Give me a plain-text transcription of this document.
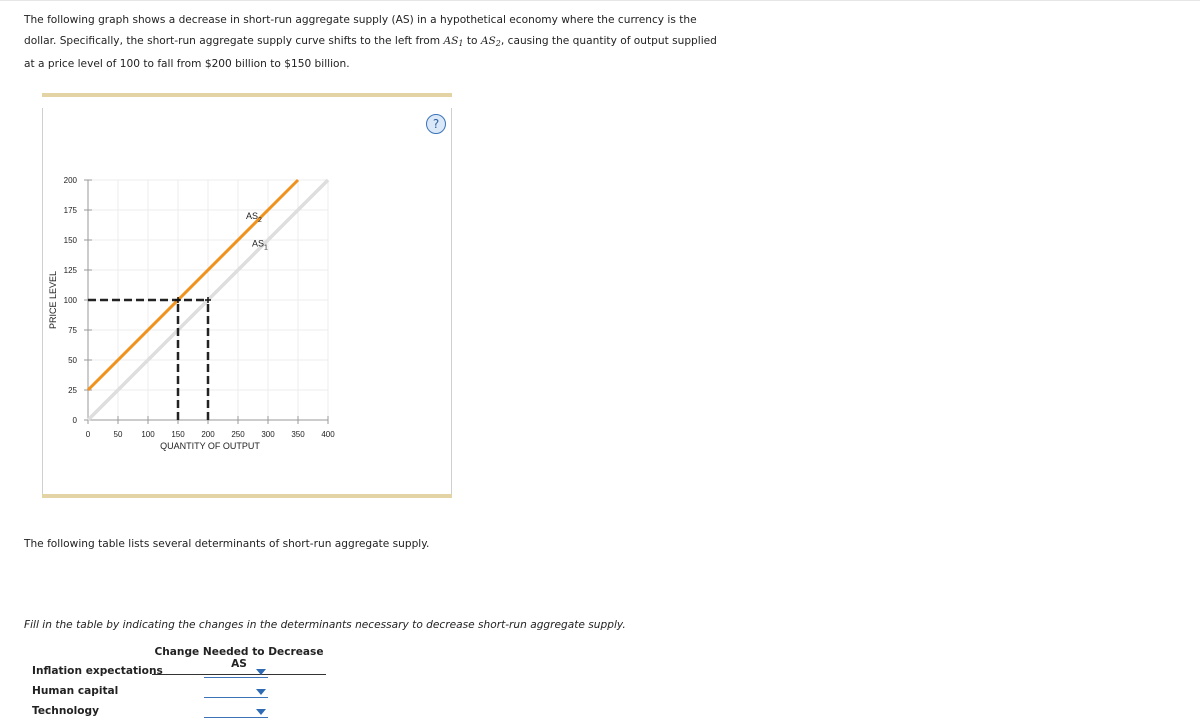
The following graph shows a decrease in short-run aggregate supply (AS) in a hypothetical economy where the currency is the dollar. Specifically, the short-run aggregate supply curve shifts to the left from $AS_1$ to $AS_2$, causing the quantity of output supplied at a price level of 100 to fall from $200 billion to $150 billion.

?
0	50 100 150 200 250 300 350 400
0
25
50
75
100
125
150
175
200
QUANTITY OF OUTPUT
PRICE LEVEL
$AS_1$
$AS_2$

The following table lists several determinants of short-run aggregate supply.

Fill in the table by indicating the changes in the determinants necessary to decrease short-run aggregate supply.

Change Needed to Decrease AS
Inflation expectations
Human capital
Technology
